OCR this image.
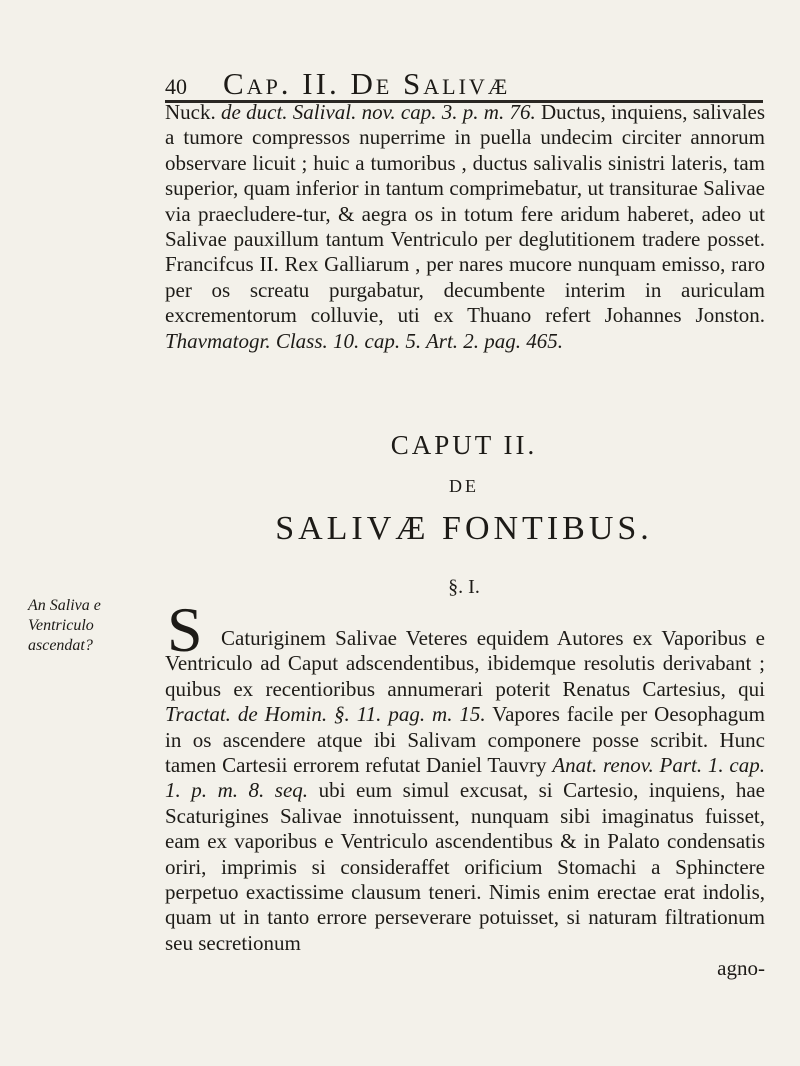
40 Cap. II. De Salivæ

Nuck. de duct. Salival. nov. cap. 3. p. m. 76. Ductus, inquiens, salivales a tumore compressos nuperrime in puella undecim circiter annorum observare licuit ; huic a tumoribus , ductus salivalis sinistri lateris, tam superior, quam inferior in tantum comprimebatur, ut transiturae Salivae via praecludere-tur, & aegra os in totum fere aridum haberet, adeo ut Salivae pauxillum tantum Ventriculo per deglutitionem tradere posset. Francifcus II. Rex Galliarum , per nares mucore nunquam emisso, raro per os screatu purgabatur, decumbente interim in auriculam excrementorum colluvie, uti ex Thuano refert Johannes Jonston. Thavmatogr. Class. 10. cap. 5. Art. 2. pag. 465.

CAPUT II.
DE
SALIVÆ FONTIBUS.
§. I.
An Saliva e
Ventriculo
ascendat?	S Caturiginem Salivae Veteres equidem Autores ex Vaporibus e Ventriculo ad Caput adscendentibus, ibidemque resolutis derivabant ; quibus ex recentioribus annumerari poterit Renatus Cartesius, qui Tractat. de Homin. §. 11. pag. m. 15. Vapores facile per Oesophagum in os ascendere atque ibi Salivam componere posse scribit. Hunc tamen Cartesii errorem refutat Daniel Tauvry Anat. renov. Part. 1. cap. 1. p. m. 8. seq. ubi eum simul excusat, si Cartesio, inquiens, hae Scaturigines Salivae innotuissent, nunquam sibi imaginatus fuisset, eam ex vaporibus e Ventriculo ascendentibus & in Palato condensatis oriri, imprimis si consideraffet orificium Stomachi a Sphinctere perpetuo exactissime clausum teneri. Nimis enim erectae erat indolis, quam ut in tanto errore perseverare potuisset, si naturam filtrationum seu secretionum
agno-
